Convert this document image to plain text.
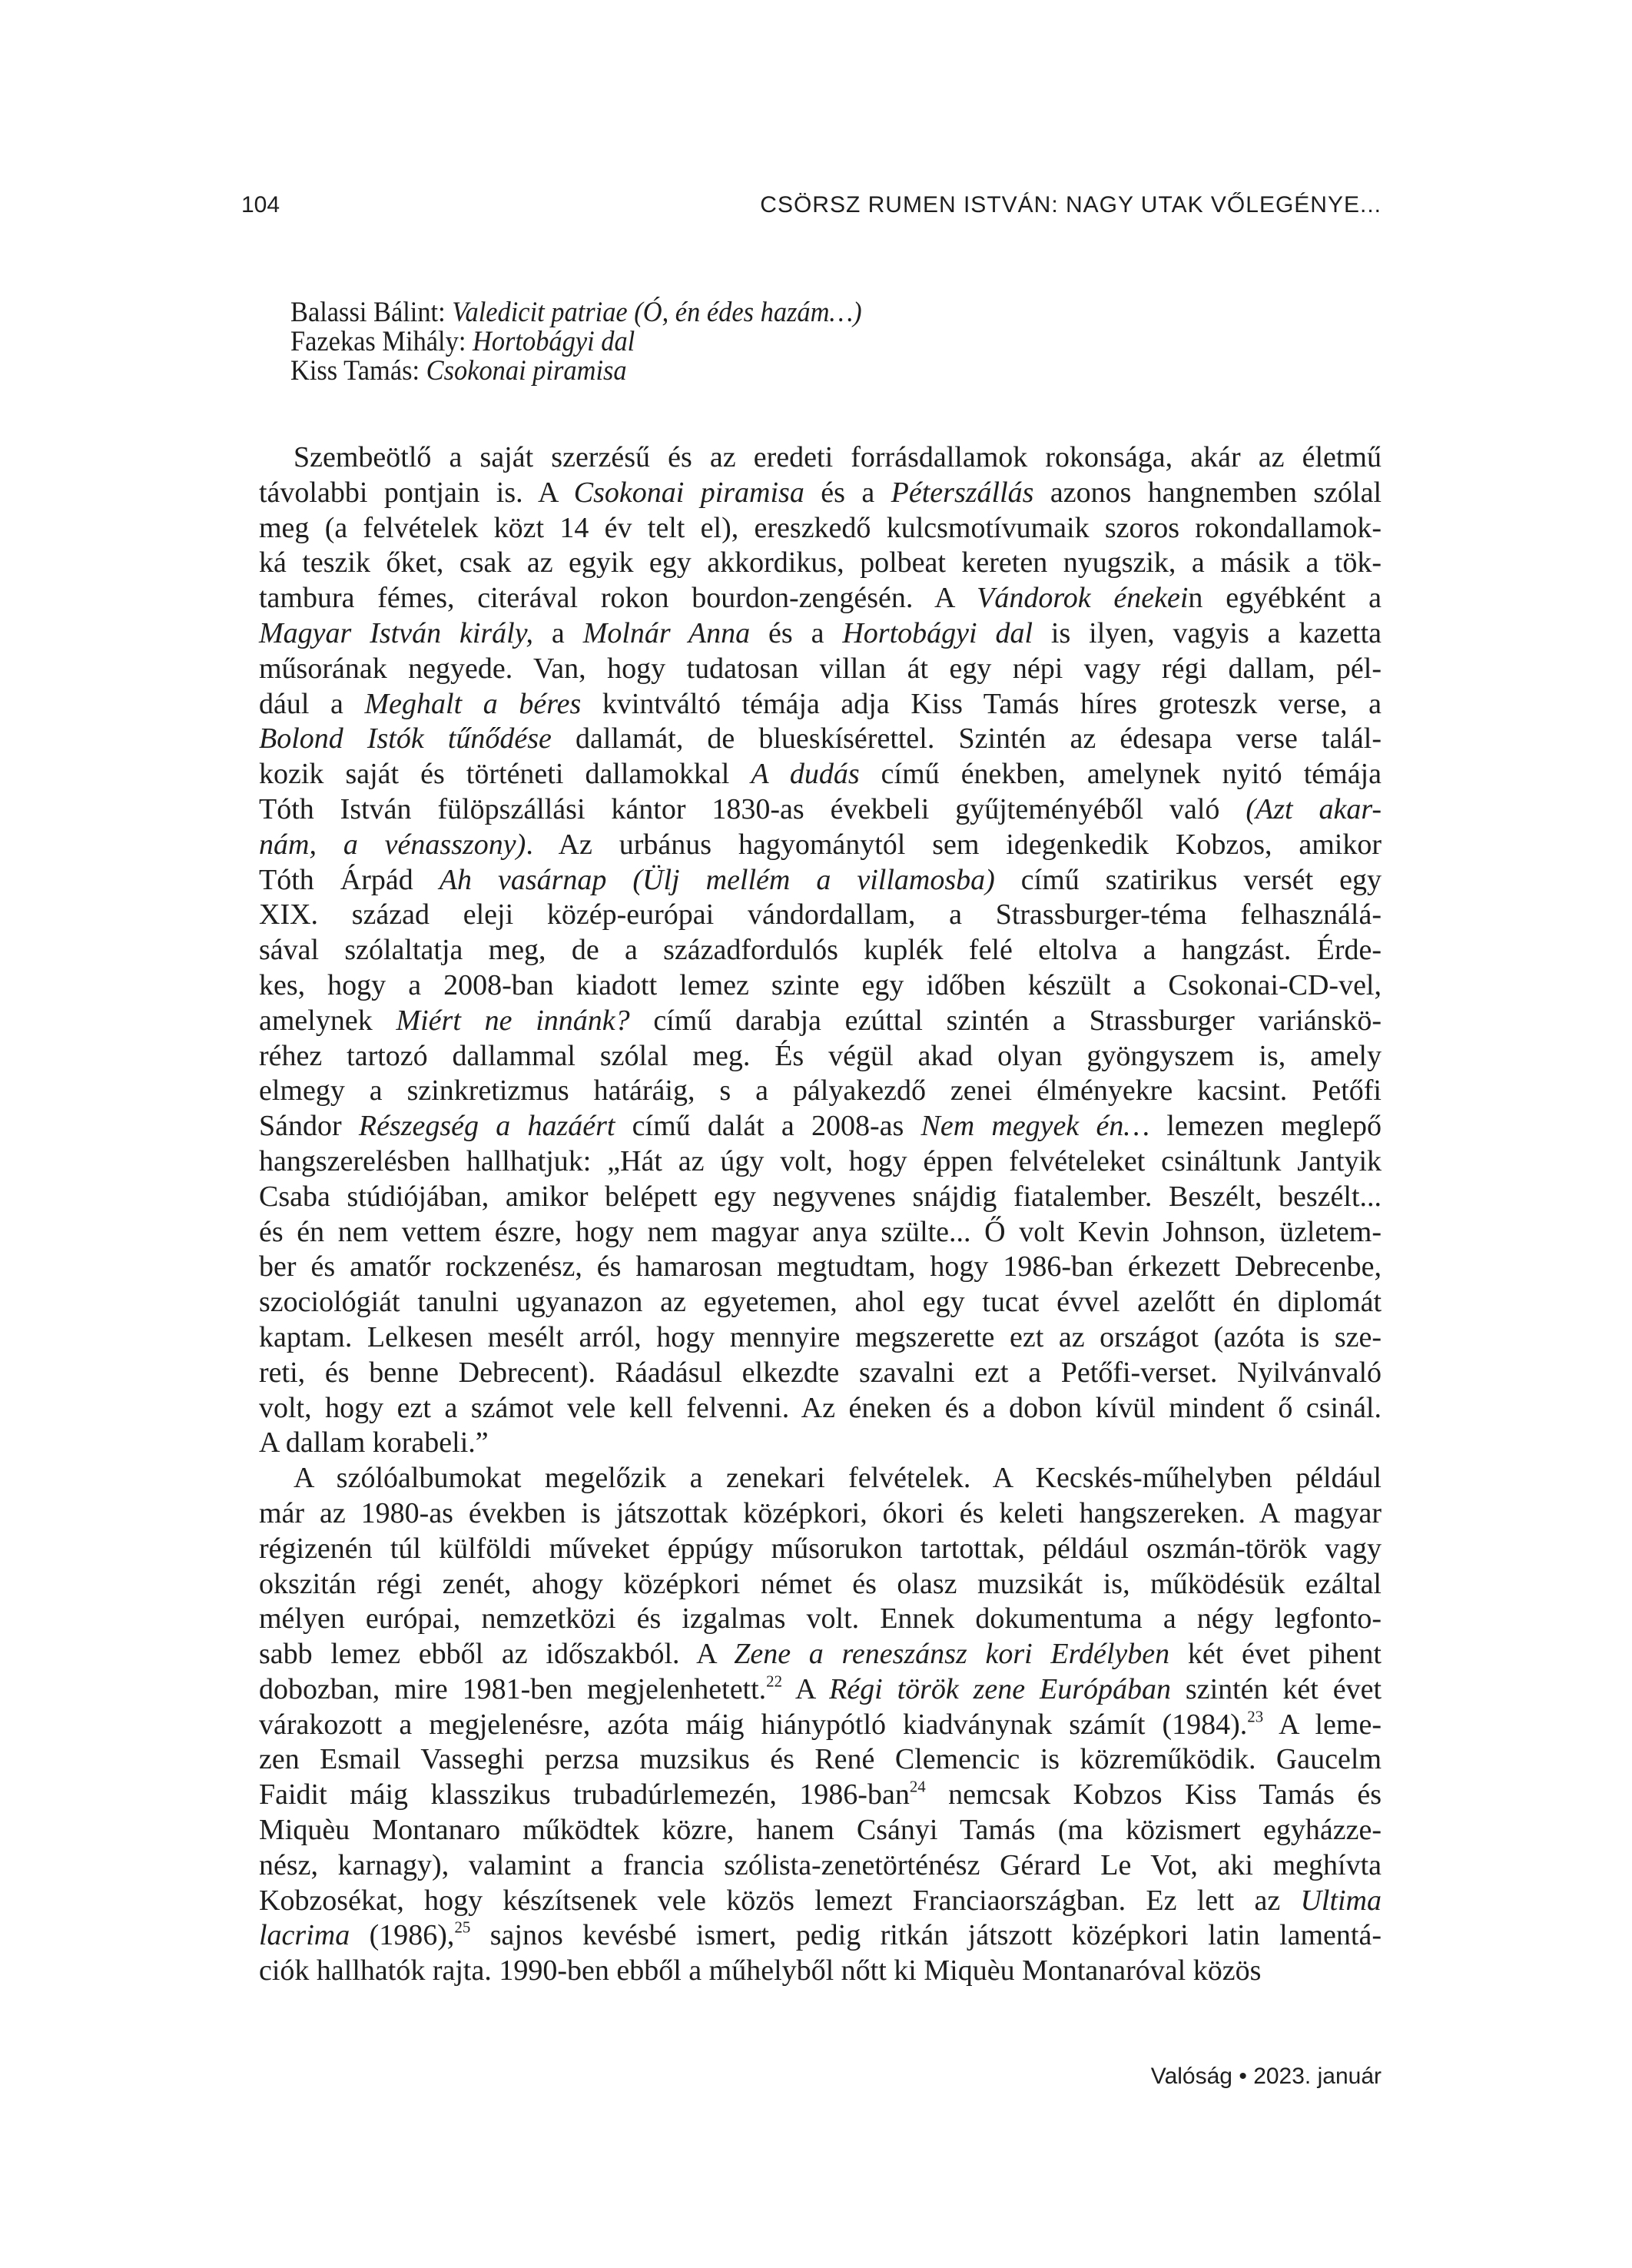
104	CSÖRSZ RUMEN ISTVÁN: NAGY UTAK VŐLEGÉNYE...
Balassi Bálint: Valedicit patriae (Ó, én édes hazám…)
Fazekas Mihály: Hortobágyi dal
Kiss Tamás: Csokonai piramisa
Szembeötlő a saját szerzésű és az eredeti forrásdallamok rokonsága, akár az életmű
távolabbi pontjain is. A Csokonai piramisa és a Péterszállás azonos hangnemben szólal
meg (a felvételek közt 14 év telt el), ereszkedő kulcsmotívumaik szoros rokondallamok-
ká teszik őket, csak az egyik egy akkordikus, polbeat kereten nyugszik, a másik a tök-
tambura fémes, citerával rokon bourdon-zengésén. A Vándorok énekein egyébként a
Magyar István király, a Molnár Anna és a Hortobágyi dal is ilyen, vagyis a kazetta
műsorának negyede. Van, hogy tudatosan villan át egy népi vagy régi dallam, pél-
dául a Meghalt a béres kvintváltó témája adja Kiss Tamás híres groteszk verse, a
Bolond Istók tűnődése dallamát, de blueskísérettel. Szintén az édesapa verse talál-
kozik saját és történeti dallamokkal A dudás című énekben, amelynek nyitó témája
Tóth István fülöpszállási kántor 1830-as évekbeli gyűjteményéből való (Azt akar-
nám, a vénasszony). Az urbánus hagyománytól sem idegenkedik Kobzos, amikor
Tóth Árpád Ah vasárnap (Ülj mellém a villamosba) című szatirikus versét egy
XIX. század eleji közép-európai vándordallam, a Strassburger-téma felhasználá-
sával szólaltatja meg, de a századfordulós kuplék felé eltolva a hangzást. Érde-
kes, hogy a 2008-ban kiadott lemez szinte egy időben készült a Csokonai-CD-vel,
amelynek Miért ne innánk? című darabja ezúttal szintén a Strassburger variánskö-
réhez tartozó dallammal szólal meg. És végül akad olyan gyöngyszem is, amely
elmegy a szinkretizmus határáig, s a pályakezdő zenei élményekre kacsint. Petőfi
Sándor Részegség a hazáért című dalát a 2008-as Nem megyek én… lemezen meglepő
hangszerelésben hallhatjuk: „Hát az úgy volt, hogy éppen felvételeket csináltunk Jantyik
Csaba stúdiójában, amikor belépett egy negyvenes snájdig fiatalember. Beszélt, beszélt...
és én nem vettem észre, hogy nem magyar anya szülte... Ő volt Kevin Johnson, üzletem-
ber és amatőr rockzenész, és hamarosan megtudtam, hogy 1986-ban érkezett Debrecenbe,
szociológiát tanulni ugyanazon az egyetemen, ahol egy tucat évvel azelőtt én diplomát
kaptam. Lelkesen mesélt arról, hogy mennyire megszerette ezt az országot (azóta is sze-
reti, és benne Debrecent). Ráadásul elkezdte szavalni ezt a Petőfi-verset. Nyilvánvaló
volt, hogy ezt a számot vele kell felvenni. Az éneken és a dobon kívül mindent ő csinál.
A dallam korabeli.”
A szólóalbumokat megelőzik a zenekari felvételek. A Kecskés-műhelyben például
már az 1980-as években is játszottak középkori, ókori és keleti hangszereken. A magyar
régizenén túl külföldi műveket éppúgy műsorukon tartottak, például oszmán-török vagy
okszitán régi zenét, ahogy középkori német és olasz muzsikát is, működésük ezáltal
mélyen európai, nemzetközi és izgalmas volt. Ennek dokumentuma a négy legfonto-
sabb lemez ebből az időszakból. A Zene a reneszánsz kori Erdélyben két évet pihent
dobozban, mire 1981-ben megjelenhetett.$^{22}$ A Régi török zene Európában szintén két évet
várakozott a megjelenésre, azóta máig hiánypótló kiadványnak számít (1984).$^{23}$ A leme-
zen Esmail Vasseghi perzsa muzsikus és René Clemencic is közreműködik. Gaucelm
Faidit máig klasszikus trubadúrlemezén, 1986-ban$^{24}$ nemcsak Kobzos Kiss Tamás és
Miquèu Montanaro működtek közre, hanem Csányi Tamás (ma közismert egyházze-
nész, karnagy), valamint a francia szólista-zenetörténész Gérard Le Vot, aki meghívta
Kobzosékat, hogy készítsenek vele közös lemezt Franciaországban. Ez lett az Ultima
lacrima (1986),$^{25}$ sajnos kevésbé ismert, pedig ritkán játszott középkori latin lamentá-
ciók hallhatók rajta. 1990-ben ebből a műhelyből nőtt ki Miquèu Montanaróval közös
Valóság • 2023. január
